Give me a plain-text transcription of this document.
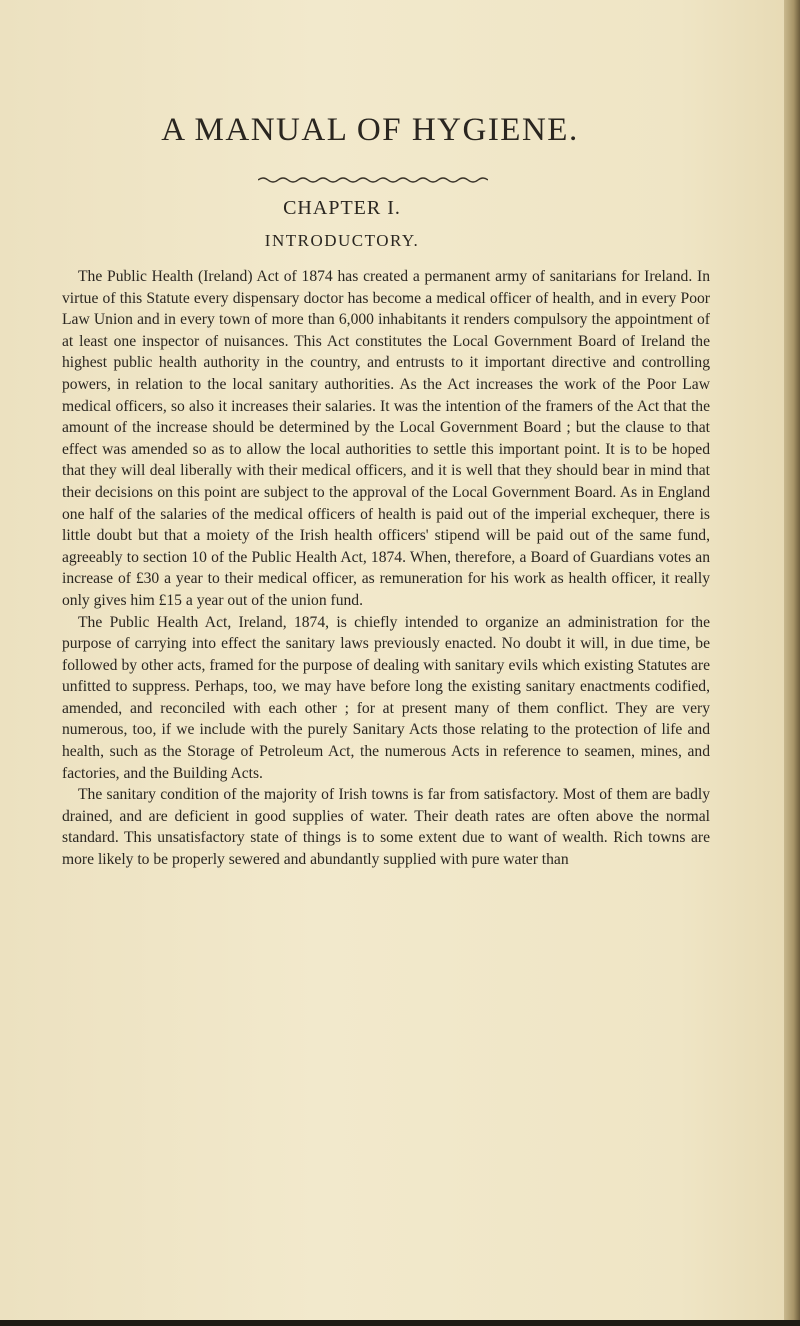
A MANUAL OF HYGIENE.
CHAPTER I.
INTRODUCTORY.

The Public Health (Ireland) Act of 1874 has created a permanent army of sanitarians for Ireland. In virtue of this Statute every dispensary doctor has become a medical officer of health, and in every Poor Law Union and in every town of more than 6,000 inhabitants it renders compulsory the appointment of at least one inspector of nuisances. This Act constitutes the Local Government Board of Ireland the highest public health authority in the country, and entrusts to it important directive and controlling powers, in relation to the local sanitary authorities. As the Act increases the work of the Poor Law medical officers, so also it increases their salaries. It was the intention of the framers of the Act that the amount of the increase should be determined by the Local Government Board ; but the clause to that effect was amended so as to allow the local authorities to settle this important point. It is to be hoped that they will deal liberally with their medical officers, and it is well that they should bear in mind that their decisions on this point are subject to the approval of the Local Government Board. As in England one half of the salaries of the medical officers of health is paid out of the imperial exchequer, there is little doubt but that a moiety of the Irish health officers' stipend will be paid out of the same fund, agreeably to section 10 of the Public Health Act, 1874. When, therefore, a Board of Guardians votes an increase of £30 a year to their medical officer, as remuneration for his work as health officer, it really only gives him £15 a year out of the union fund.

The Public Health Act, Ireland, 1874, is chiefly intended to organize an administration for the purpose of carrying into effect the sanitary laws previously enacted. No doubt it will, in due time, be followed by other acts, framed for the purpose of dealing with sanitary evils which existing Statutes are unfitted to suppress. Perhaps, too, we may have before long the existing sanitary enactments codified, amended, and reconciled with each other ; for at present many of them conflict. They are very numerous, too, if we include with the purely Sanitary Acts those relating to the protection of life and health, such as the Storage of Petroleum Act, the numerous Acts in reference to seamen, mines, and factories, and the Building Acts.

The sanitary condition of the majority of Irish towns is far from satisfactory. Most of them are badly drained, and are deficient in good supplies of water. Their death rates are often above the normal standard. This unsatisfactory state of things is to some extent due to want of wealth. Rich towns are more likely to be properly sewered and abundantly supplied with pure water than
